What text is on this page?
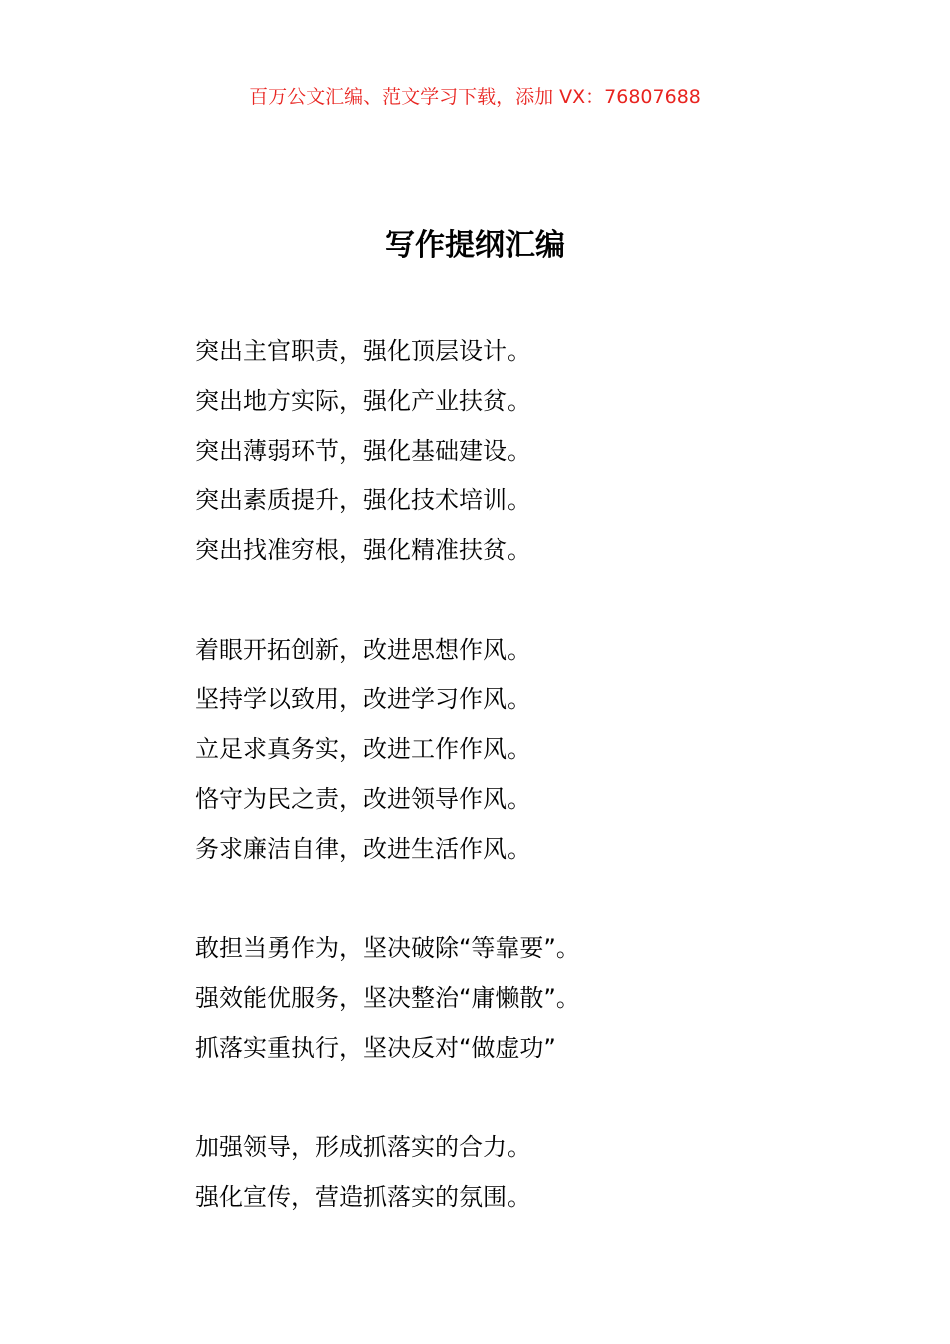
百万公文汇编、范文学习下载，添加 VX：76807688
写作提纲汇编
突出主官职责，强化顶层设计。
突出地方实际，强化产业扶贫。
突出薄弱环节，强化基础建设。
突出素质提升，强化技术培训。
突出找准穷根，强化精准扶贫。
着眼开拓创新，改进思想作风。
坚持学以致用，改进学习作风。
立足求真务实，改进工作作风。
恪守为民之责，改进领导作风。
务求廉洁自律，改进生活作风。
敢担当勇作为，坚决破除“等靠要”。
强效能优服务，坚决整治“庸懒散”。
抓落实重执行，坚决反对“做虚功”
加强领导，形成抓落实的合力。
强化宣传，营造抓落实的氛围。
